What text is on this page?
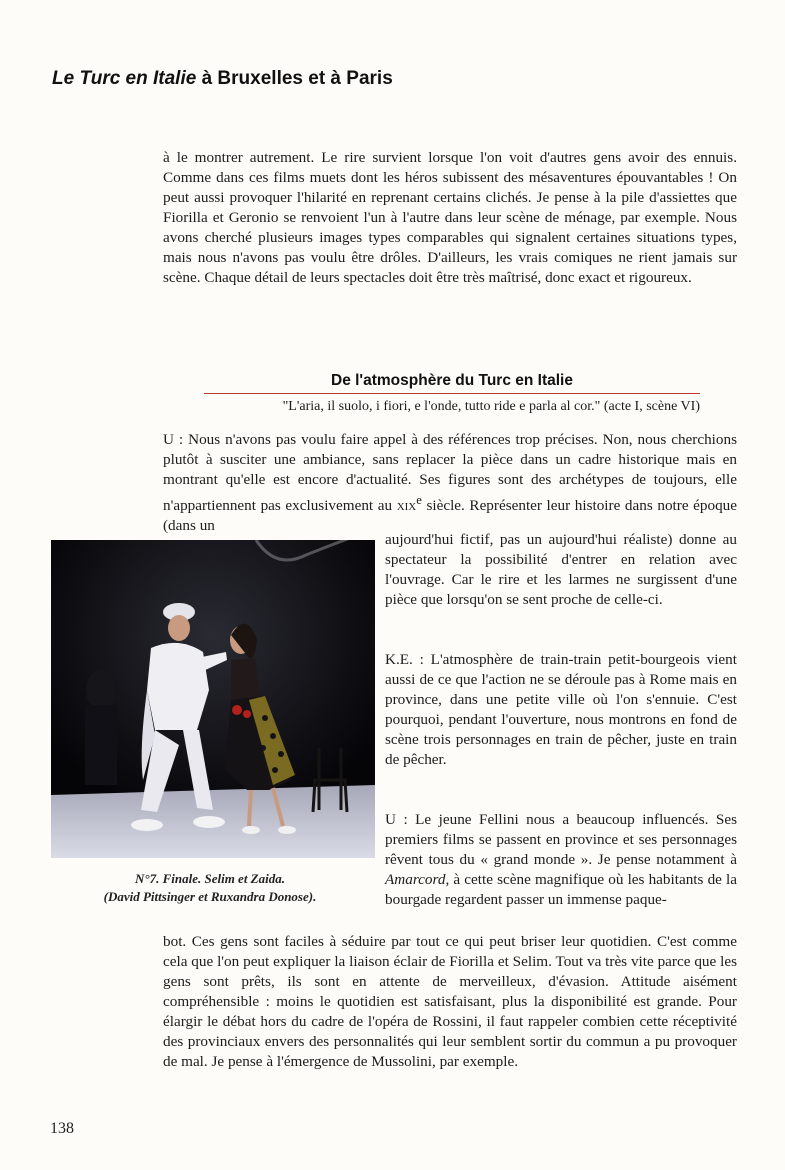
Le Turc en Italie à Bruxelles et à Paris

à le montrer autrement. Le rire survient lorsque l'on voit d'autres gens avoir des ennuis. Comme dans ces films muets dont les héros subissent des mésaventures épouvantables ! On peut aussi provoquer l'hilarité en reprenant certains clichés. Je pense à la pile d'assiettes que Fiorilla et Geronio se renvoient l'un à l'autre dans leur scène de ménage, par exemple. Nous avons cherché plusieurs images types comparables qui signalent certaines situations types, mais nous n'avons pas voulu être drôles. D'ailleurs, les vrais comiques ne rient jamais sur scène. Chaque détail de leurs spectacles doit être très maîtrisé, donc exact et rigoureux.

De l'atmosphère du Turc en Italie
"L'aria, il suolo, i fiori, e l'onde, tutto ride e parla al cor." (acte I, scène VI)

U : Nous n'avons pas voulu faire appel à des références trop précises. Non, nous cherchions plutôt à susciter une ambiance, sans replacer la pièce dans un cadre historique mais en montrant qu'elle est encore d'actualité. Ses figures sont des archétypes de toujours, elle n'appartiennent pas exclusivement au xix$^e$ siècle. Représenter leur histoire dans notre époque (dans un

aujourd'hui fictif, pas un aujourd'hui réaliste) donne au spectateur la possibilité d'entrer en relation avec l'ouvrage. Car le rire et les larmes ne surgissent d'une pièce que lorsqu'on se sent proche de celle-ci.

N°7. Finale. Selim et Zaida.
(David Pittsinger et Ruxandra Donose).

K.E. : L'atmosphère de train-train petit-bourgeois vient aussi de ce que l'action ne se déroule pas à Rome mais en province, dans une petite ville où l'on s'ennuie. C'est pourquoi, pendant l'ouverture, nous montrons en fond de scène trois personnages en train de pêcher, juste en train de pêcher.

U : Le jeune Fellini nous a beaucoup influencés. Ses premiers films se passent en province et ses personnages rêvent tous du « grand monde ». Je pense notamment à Amarcord, à cette scène magnifique où les habitants de la bourgade regardent passer un immense paque-

bot. Ces gens sont faciles à séduire par tout ce qui peut briser leur quotidien. C'est comme cela que l'on peut expliquer la liaison éclair de Fiorilla et Selim. Tout va très vite parce que les gens sont prêts, ils sont en attente de merveilleux, d'évasion. Attitude aisément compréhensible : moins le quotidien est satisfaisant, plus la disponibilité est grande. Pour élargir le débat hors du cadre de l'opéra de Rossini, il faut rappeler combien cette réceptivité des provinciaux envers des personnalités qui leur semblent sortir du commun a pu provoquer de mal. Je pense à l'émergence de Mussolini, par exemple.

138
